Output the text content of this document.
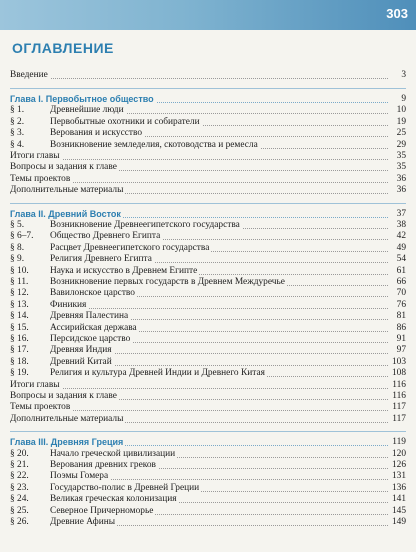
303
ОГЛАВЛЕНИЕ
Введение	3
Глава I. Первобытное общество	9
§ 1.	Древнейшие люди	10
§ 2.	Первобытные охотники и собиратели	19
§ 3.	Верования и искусство	25
§ 4.	Возникновение земледелия, скотоводства и ремесла	29
Итоги главы	35
Вопросы и задания к главе	35
Темы проектов	36
Дополнительные материалы	36
Глава II. Древний Восток	37
§ 5.	Возникновение Древнеегипетского государства	38
§ 6–7.	Общество Древнего Египта	42
§ 8.	Расцвет Древнеегипетского государства	49
§ 9.	Религия Древнего Египта	54
§ 10.	Наука и искусство в Древнем Египте	61
§ 11.	Возникновение первых государств в Древнем Междуречье	66
§ 12.	Вавилонское царство	70
§ 13.	Финикия	76
§ 14.	Древняя Палестина	81
§ 15.	Ассирийская держава	86
§ 16.	Персидское царство	91
§ 17.	Древняя Индия	97
§ 18.	Древний Китай	103
§ 19.	Религия и культура Древней Индии и Древнего Китая	108
Итоги главы	116
Вопросы и задания к главе	116
Темы проектов	117
Дополнительные материалы	117
Глава III. Древняя Греция	119
§ 20.	Начало греческой цивилизации	120
§ 21.	Верования древних греков	126
§ 22.	Поэмы Гомера	131
§ 23.	Государство-полис в Древней Греции	136
§ 24.	Великая греческая колонизация	141
§ 25.	Северное Причерноморье	145
§ 26.	Древние Афины	149
